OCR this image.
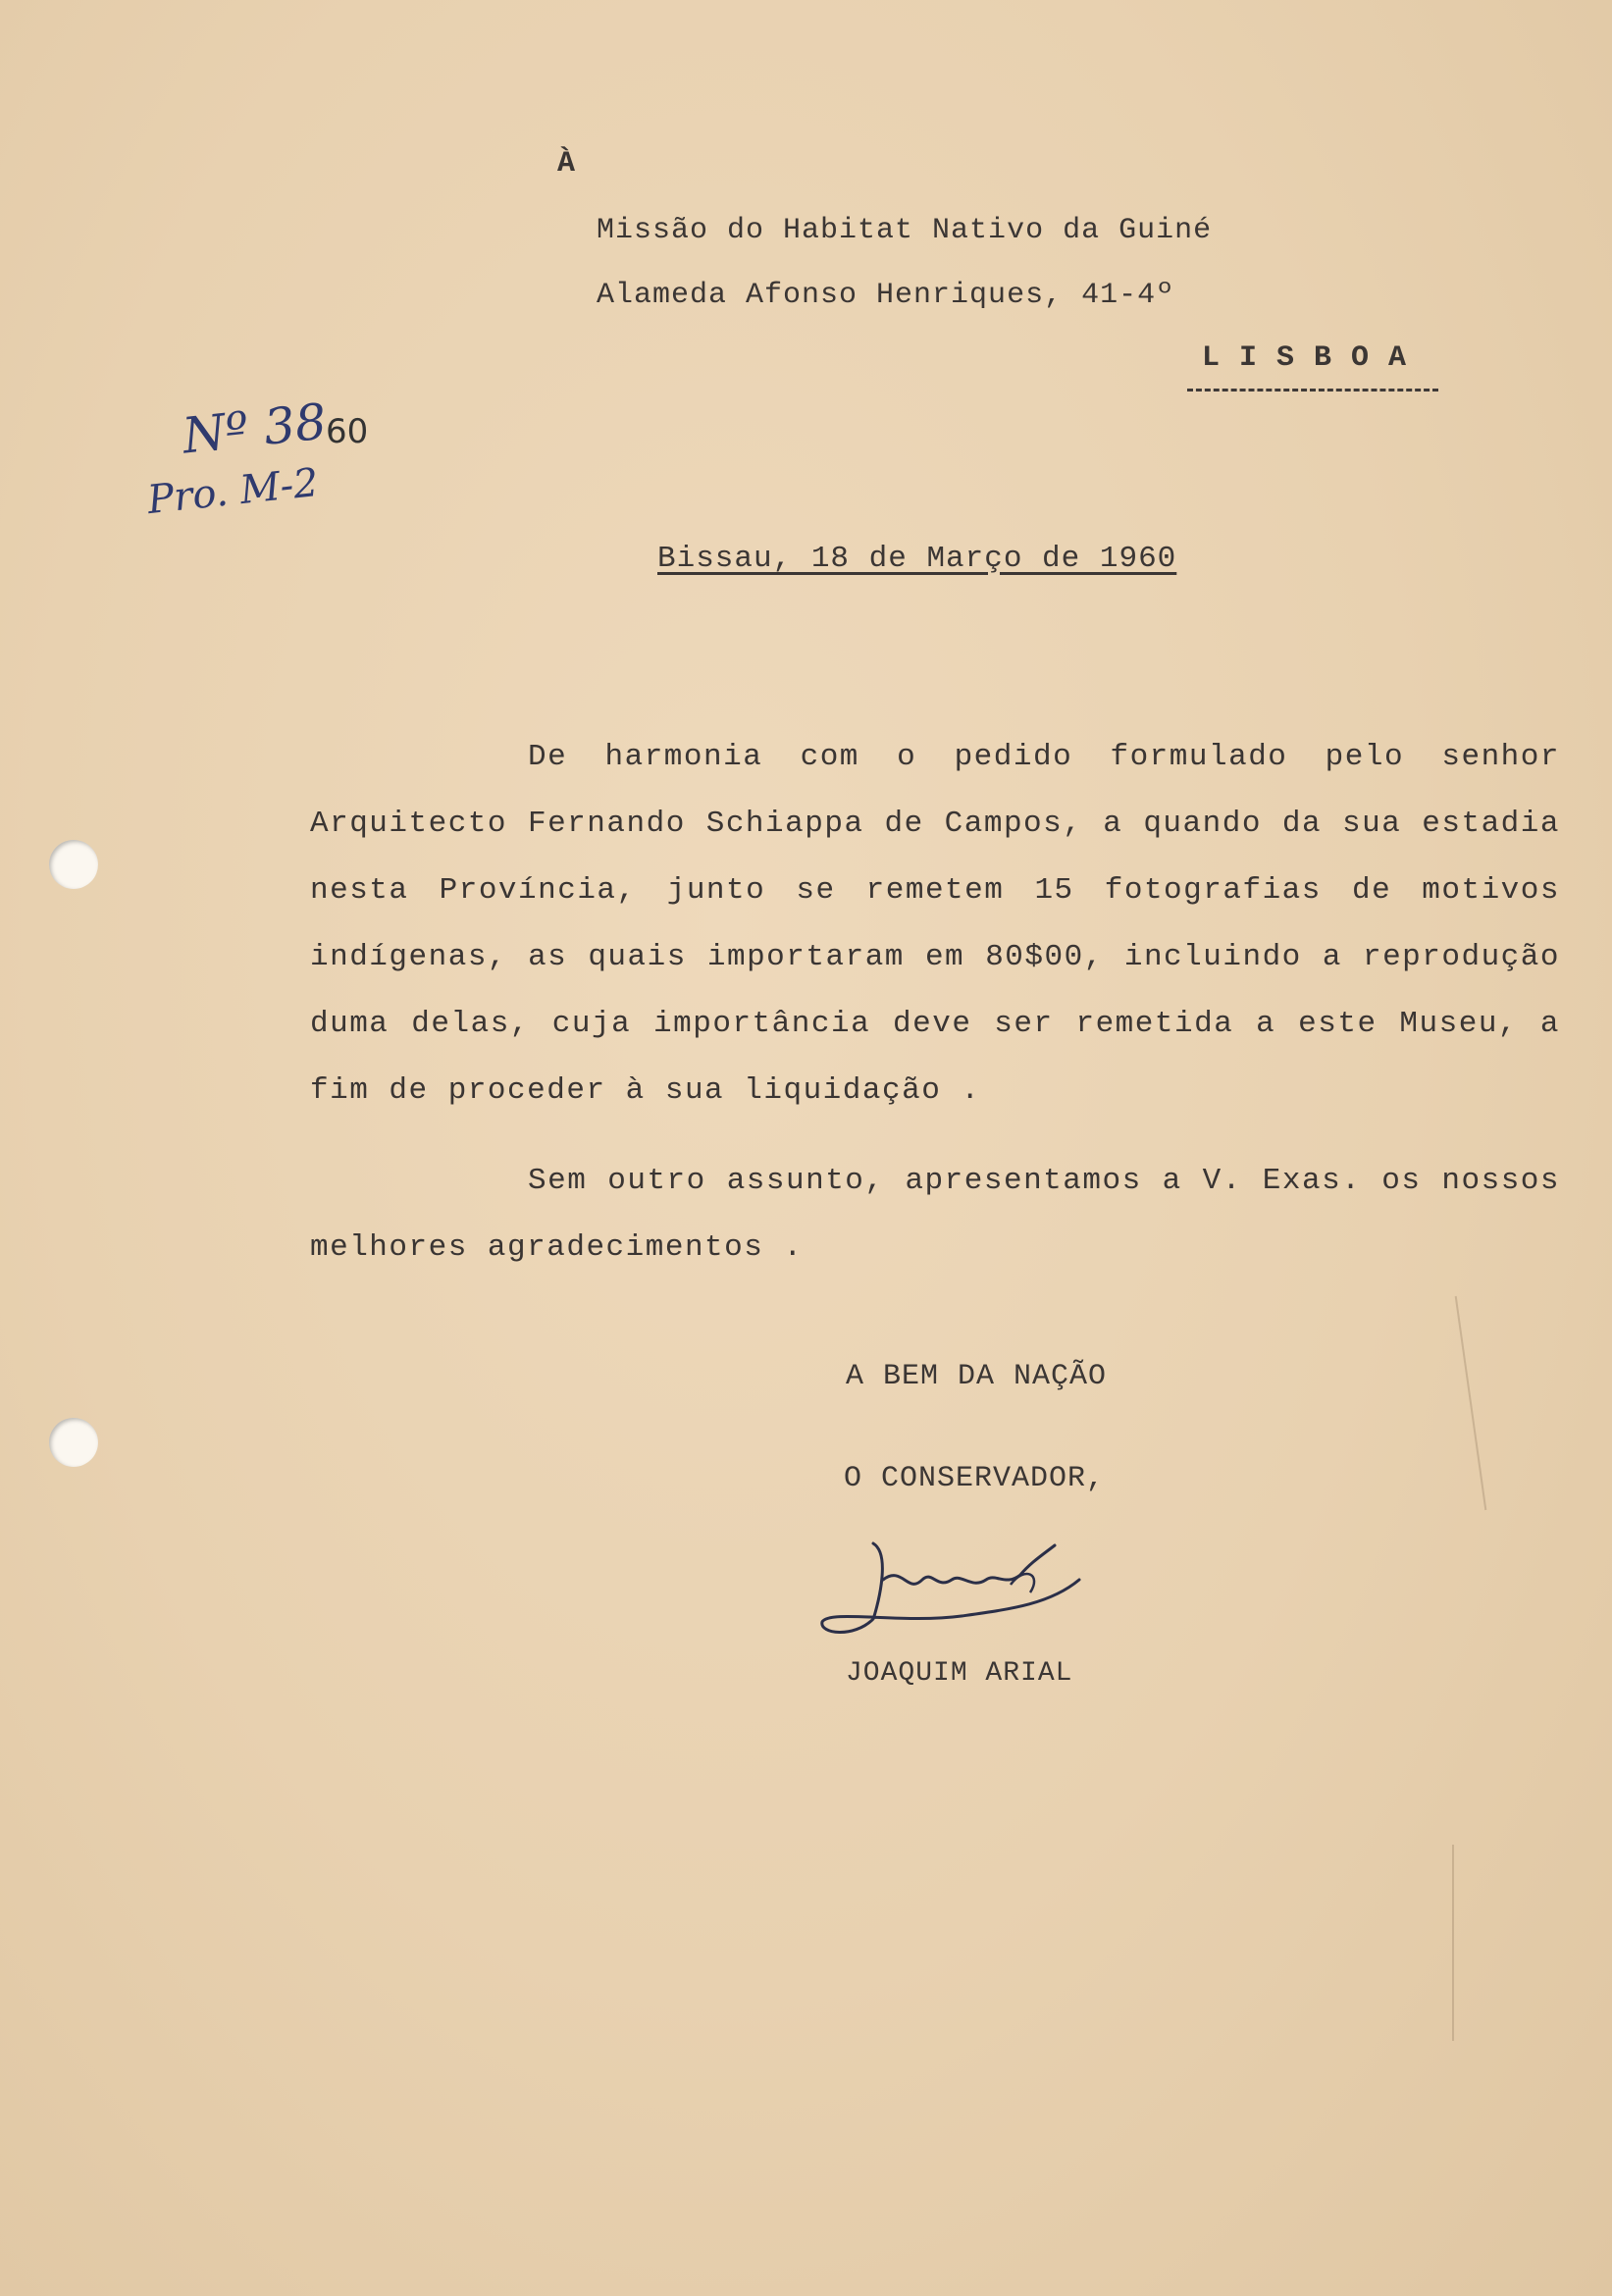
À
Missão do Habitat Nativo da Guiné
Alameda Afonso Henriques, 41-4º
L I S B O A
Nº 38
60
Pro. M-2
Bissau, 18 de Março de 1960

De harmonia com o pedido formulado pelo senhor Arquitecto Fernando Schiappa de Campos, a quando da sua estadia nesta Província, junto se remetem 15 fotografias de motivos indígenas, as quais importaram em 80$00, incluindo a reprodução duma delas, cuja importância deve ser remetida a este Museu, a fim de proceder à sua liquidação .

Sem outro assunto, apresentamos a V. Exas. os nossos melhores agradecimentos .

A BEM DA NAÇÃO
O CONSERVADOR,
JOAQUIM ARIAL
